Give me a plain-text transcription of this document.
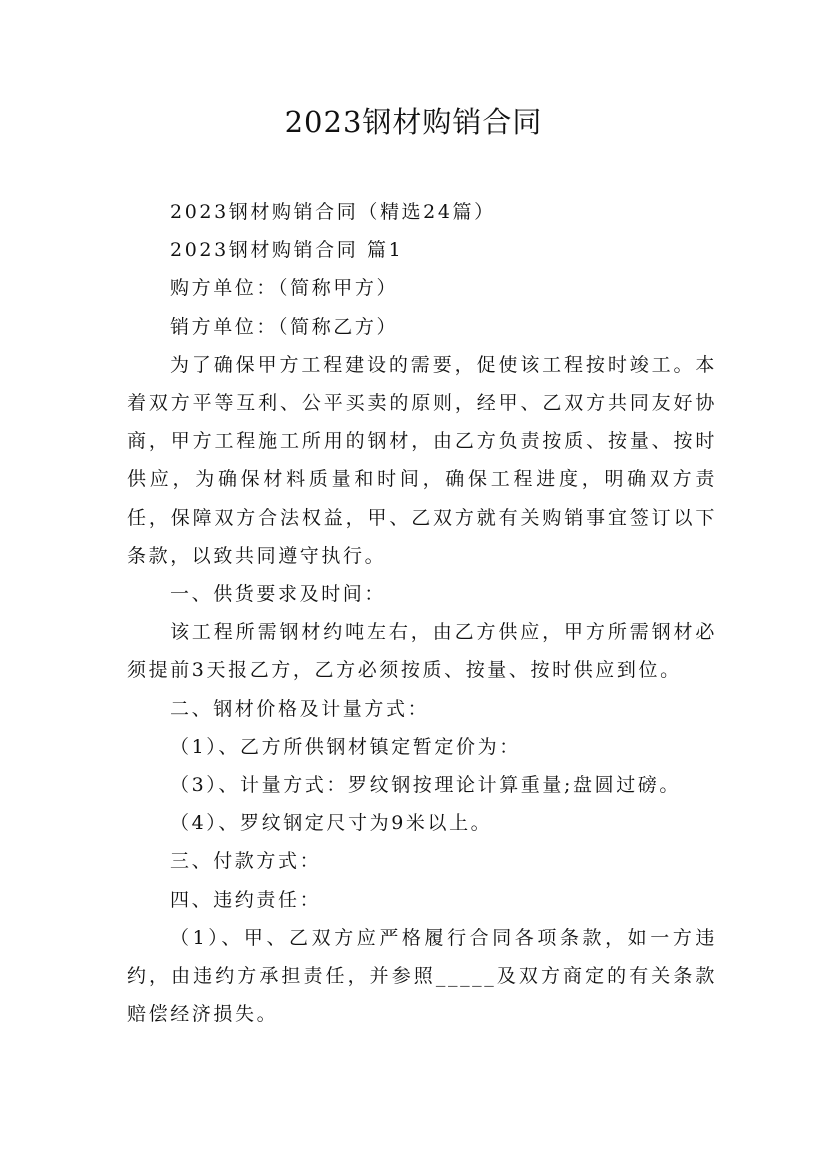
2023钢材购销合同

2023钢材购销合同（精选24篇）

2023钢材购销合同 篇1

购方单位：（简称甲方）

销方单位：（简称乙方）

为了确保甲方工程建设的需要，促使该工程按时竣工。本着双方平等互利、公平买卖的原则，经甲、乙双方共同友好协商，甲方工程施工所用的钢材，由乙方负责按质、按量、按时供应，为确保材料质量和时间，确保工程进度，明确双方责任，保障双方合法权益，甲、乙双方就有关购销事宜签订以下条款，以致共同遵守执行。

一、供货要求及时间：

该工程所需钢材约吨左右，由乙方供应，甲方所需钢材必须提前3天报乙方，乙方必须按质、按量、按时供应到位。

二、钢材价格及计量方式：

（1）、乙方所供钢材镇定暂定价为：

（3）、计量方式：罗纹钢按理论计算重量;盘圆过磅。

（4）、罗纹钢定尺寸为9米以上。

三、付款方式：

四、违约责任：

（1）、甲、乙双方应严格履行合同各项条款，如一方违约，由违约方承担责任，并参照_____及双方商定的有关条款赔偿经济损失。
